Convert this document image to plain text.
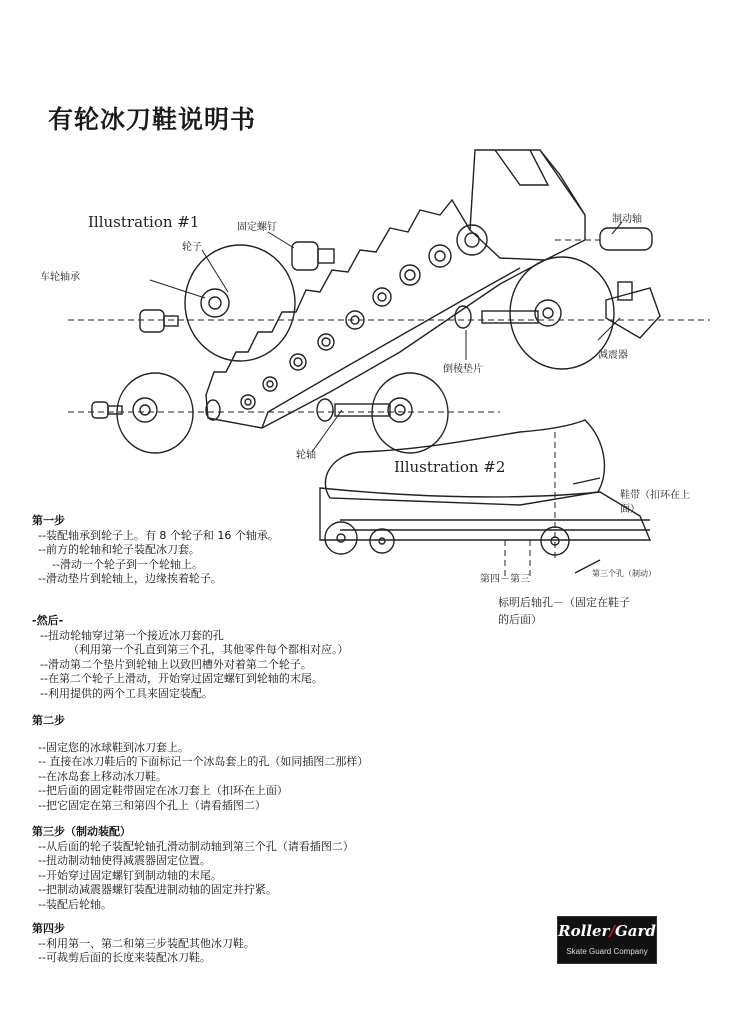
有轮冰刀鞋说明书
Illustration #1
Illustration #2
固定螺钉
轮子
车轮轴承
制动轴
减震器
倒棱垫片
轮轴
鞋带（扣环在上
面）
第四－第三
第三个孔（制动）
标明后轴孔－（固定在鞋子
的后面）
第一步
--装配轴承到轮子上。有 8 个轮子和 16 个轴承。
--前方的轮轴和轮子装配冰刀套。
--滑动一个轮子到一个轮轴上。
--滑动垫片到轮轴上，边缘挨着轮子。
-然后-
--扭动轮轴穿过第一个接近冰刀套的孔
（利用第一个孔直到第三个孔，其他零件每个都相对应。）
--滑动第二个垫片到轮轴上以致凹槽外对着第二个轮子。
--在第二个轮子上滑动，开始穿过固定螺钉到轮轴的末尾。
--利用提供的两个工具来固定装配。
第二步
--固定您的冰球鞋到冰刀套上。
-- 直接在冰刀鞋后的下面标记一个冰岛套上的孔（如同插图二那样）
--在冰岛套上移动冰刀鞋。
--把后面的固定鞋带固定在冰刀套上（扣环在上面）
--把它固定在第三和第四个孔上（请看插图二）
第三步（制动装配）
--从后面的轮子装配轮轴孔滑动制动轴到第三个孔（请看插图二）
--扭动制动轴使得减震器固定位置。
--开始穿过固定螺钉到制动轴的末尾。
--把制动减震器螺钉装配进制动轴的固定并拧紧。
--装配后轮轴。
第四步
--利用第一、第二和第三步装配其他冰刀鞋。
--可裁剪后面的长度来装配冰刀鞋。
Roller/Gard
Skate Guard Company
